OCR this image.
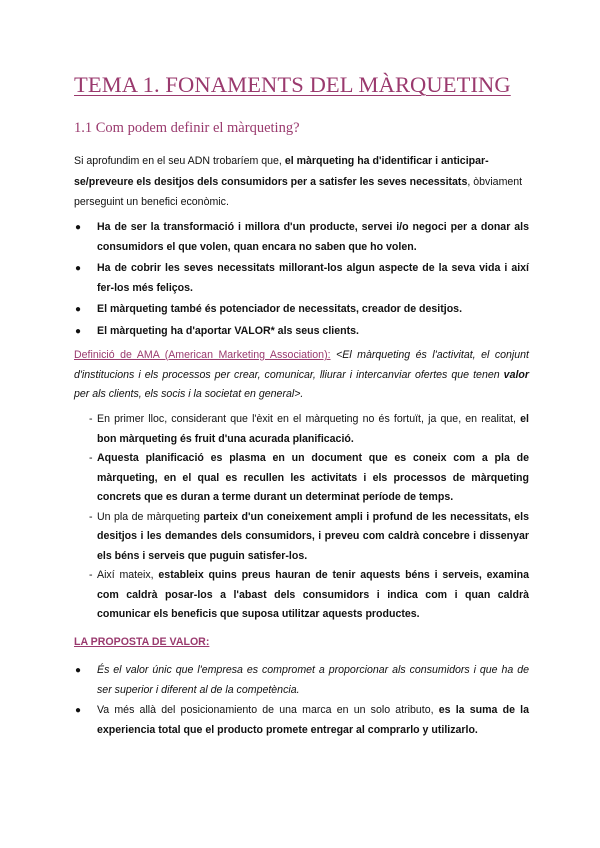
TEMA 1. FONAMENTS DEL MÀRQUETING
1.1 Com podem definir el màrqueting?
Si aprofundim en el seu ADN trobaríem que, el màrqueting ha d'identificar i anticipar-se/preveure els desitjos dels consumidors per a satisfer les seves necessitats, òbviament perseguint un benefici econòmic.
● Ha de ser la transformació i millora d'un producte, servei i/o negoci per a donar als consumidors el que volen, quan encara no saben que ho volen.
● Ha de cobrir les seves necessitats millorant-los algun aspecte de la seva vida i així fer-los més feliços.
● El màrqueting també és potenciador de necessitats, creador de desitjos.
● El màrqueting ha d'aportar VALOR* als seus clients.
Definició de AMA (American Marketing Association): <El màrqueting és l'activitat, el conjunt d'institucions i els processos per crear, comunicar, lliurar i intercanviar ofertes que tenen valor per als clients, els socis i la societat en general>.
- En primer lloc, considerant que l'èxit en el màrqueting no és fortuït, ja que, en realitat, el bon màrqueting és fruit d'una acurada planificació.
- Aquesta planificació es plasma en un document que es coneix com a pla de màrqueting, en el qual es recullen les activitats i els processos de màrqueting concrets que es duran a terme durant un determinat període de temps.
- Un pla de màrqueting parteix d'un coneixement ampli i profund de les necessitats, els desitjos i les demandes dels consumidors, i preveu com caldrà concebre i dissenyar els béns i serveis que puguin satisfer-los.
- Així mateix, estableix quins preus hauran de tenir aquests béns i serveis, examina com caldrà posar-los a l'abast dels consumidors i indica com i quan caldrà comunicar els beneficis que suposa utilitzar aquests productes.
LA PROPOSTA DE VALOR:
● És el valor únic que l'empresa es compromet a proporcionar als consumidors i que ha de ser superior i diferent al de la competència.
● Va més allà del posicionamiento de una marca en un solo atributo, es la suma de la experiencia total que el producto promete entregar al comprarlo y utilizarlo.
